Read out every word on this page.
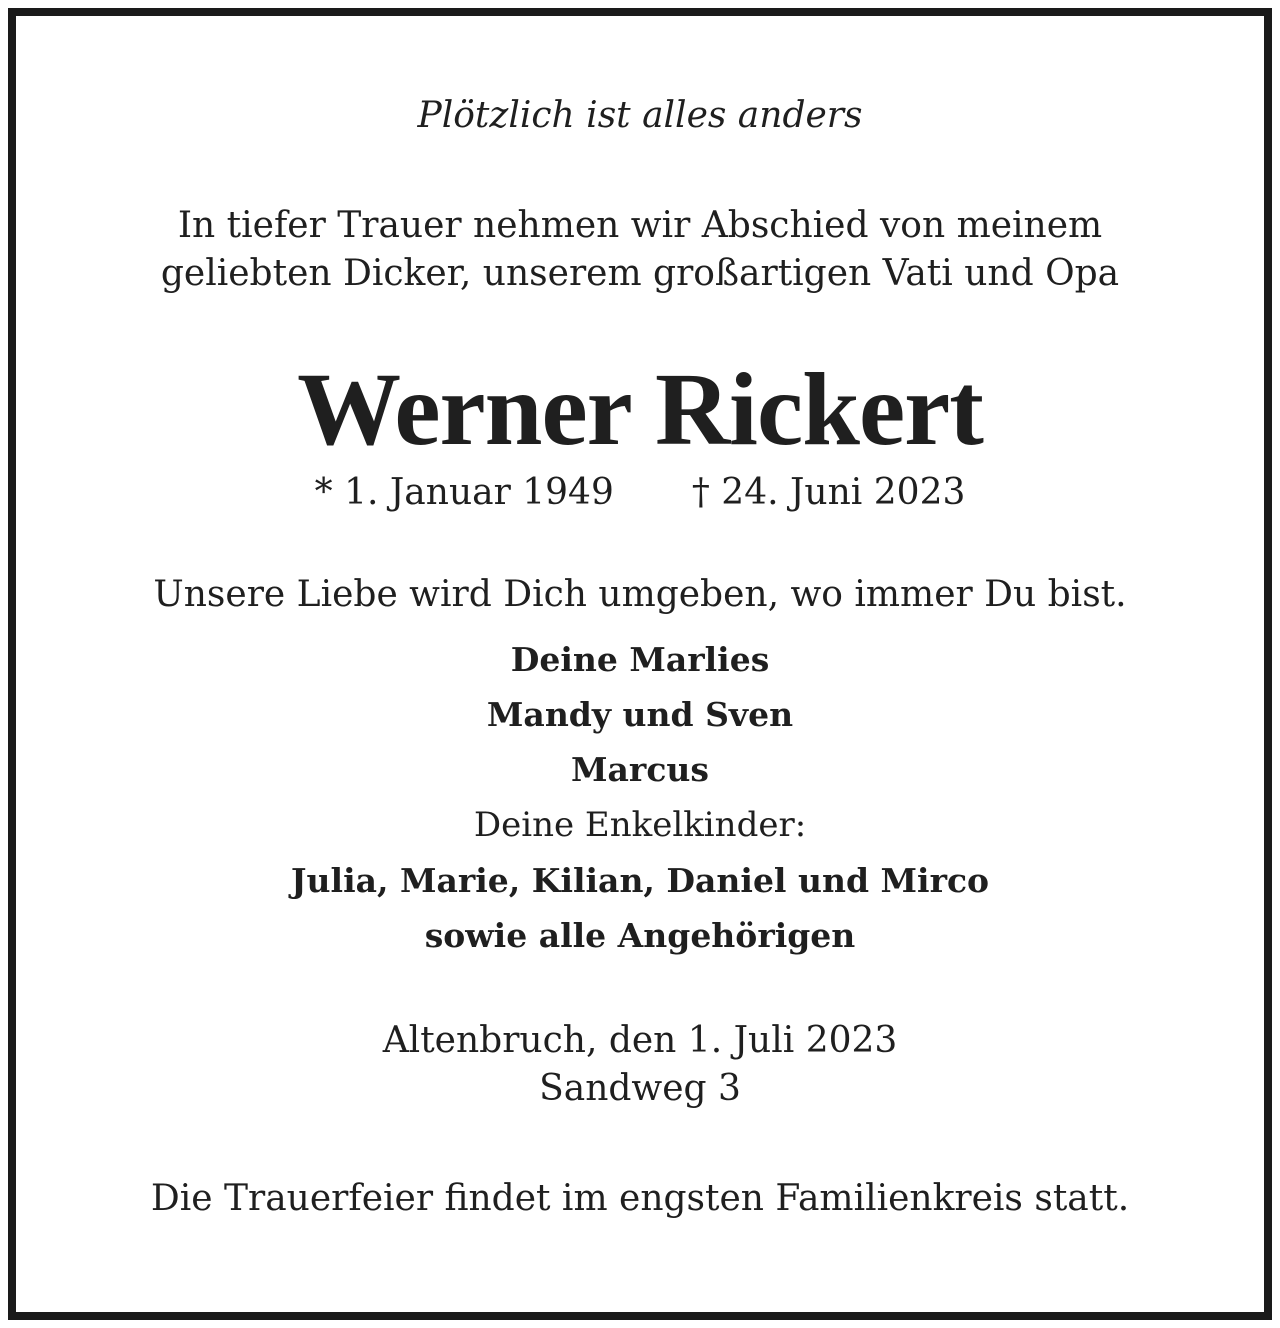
Plötzlich ist alles anders
In tiefer Trauer nehmen wir Abschied von meinem
geliebten Dicker, unserem großartigen Vati und Opa
Werner Rickert
* 1. Januar 1949 † 24. Juni 2023
Unsere Liebe wird Dich umgeben, wo immer Du bist.
Deine Marlies
Mandy und Sven
Marcus
Deine Enkelkinder:
Julia, Marie, Kilian, Daniel und Mirco
sowie alle Angehörigen
Altenbruch, den 1. Juli 2023
Sandweg 3
Die Trauerfeier findet im engsten Familienkreis statt.
